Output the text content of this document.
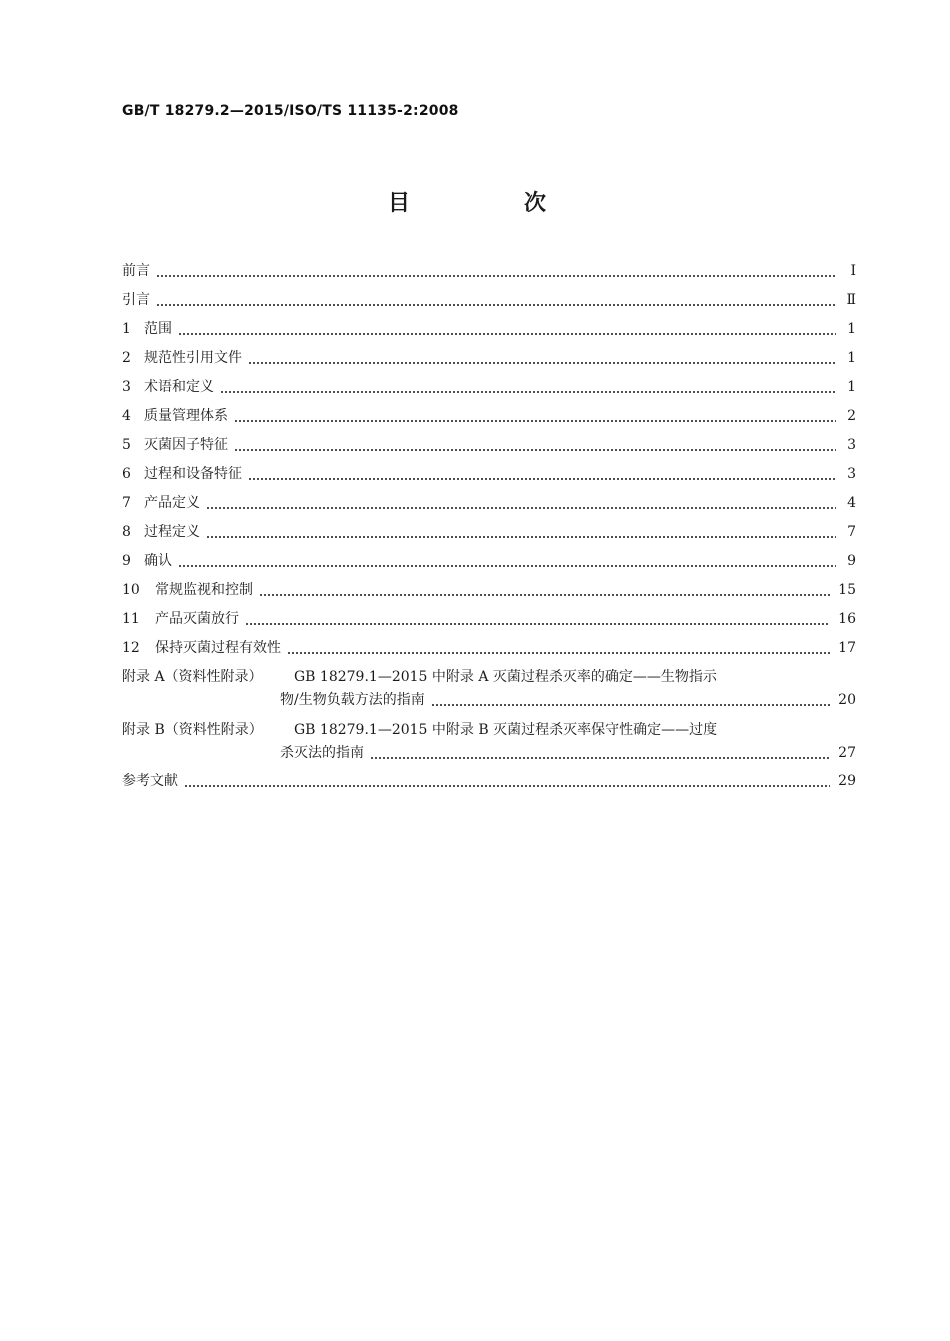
GB/T 18279.2—2015/ISO/TS 11135-2:2008
目　次
前言	I
引言	Ⅱ
1 范围	1
2 规范性引用文件	1
3 术语和定义	1
4 质量管理体系	2
5 灭菌因子特征	3
6 过程和设备特征	3
7 产品定义	4
8 过程定义	7
9 确认	9
10	常规监视和控制	15
11	产品灭菌放行	16
12	保持灭菌过程有效性	17
附录 A（资料性附录）	GB 18279.1—2015 中附录 A 灭菌过程杀灭率的确定——生物指示
物/生物负载方法的指南	20
附录 B（资料性附录）	GB 18279.1—2015 中附录 B 灭菌过程杀灭率保守性确定——过度
杀灭法的指南	27
参考文献	29
